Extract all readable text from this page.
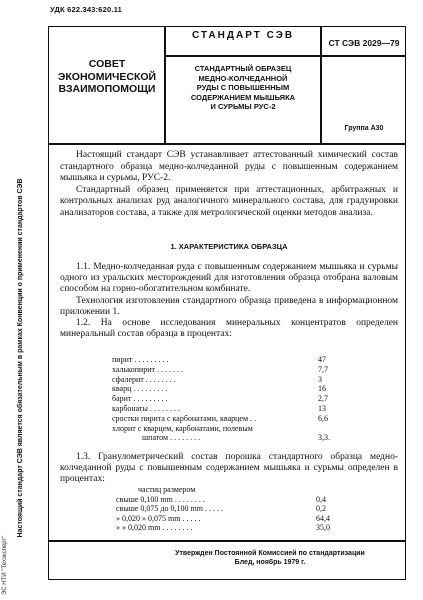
УДК 622.343:620.11
Настоящий стандарт СЭВ является обязательным в рамках Конвенции о применении стандартов СЭВ
ЭС НТИ "Техэксперт"
СОВЕТ
ЭКОНОМИЧЕСКОЙ
ВЗАИМОПОМОЩИ
СТАНДАРТ СЭВ
СТ СЭВ 2029—79
СТАНДАРТНЫЙ ОБРАЗЕЦ
МЕДНО-КОЛЧЕДАННОЙ
РУДЫ С ПОВЫШЕННЫМ
СОДЕРЖАНИЕМ МЫШЬЯКА
И СУРЬМЫ РУС-2
Группа А30

Настоящий стандарт СЭВ устанавливает аттестованный химический состав стандартного образца медно-колчеданной руды с повышенным содержанием мышьяка и сурьмы, РУС-2.

Стандартный образец применяется при аттестационных, арбитражных и контрольных анализах руд аналогичного минерального состава, для градуировки анализаторов состава, а также для метрологической оценки методов анализа.

1. ХАРАКТЕРИСТИКА ОБРАЗЦА

1.1. Медно-колчеданная руда с повышенным содержанием мышьяка и сурьмы одного из уральских месторождений для изготовления образца отобрана валовым способом на горно-обогатительном комбинате.

Технология изготовления стандартного образца приведена в информационном приложении 1.

1.2. На основе исследования минеральных концентратов определен минеральный состав образца в процентах:

пирит . . . . . . . . .	47
халькопирит . . . . . . .	7,7
сфалерит . . . . . . . .	3
кварц . . . . . . . . .	16
барит . . . . . . . . .	2,7
карбонаты . . . . . . . .	13
сростки пирита с карбонатами, кварцем . .	6,6
хлорит с кварцем, карбонатами, полевым
шпатом . . . . . . . .	3,3.

1.3. Гранулометрический состав порошка стандартного образца медно-колчеданной руды с повышенным содержанием мышьяка и сурьмы определен в процентах:

частиц размером
свыше 0,100 mm . . . . . . . .	0,4
свыше 0,075 до 0,100 mm . . . . .	0,2
» 0,020 » 0,075 mm . . . . .	64,4
» » 0,020 mm . . . . . . . .	35,0
Утвержден Постоянной Комиссией по стандартизации
Блед, ноябрь 1979 г.
